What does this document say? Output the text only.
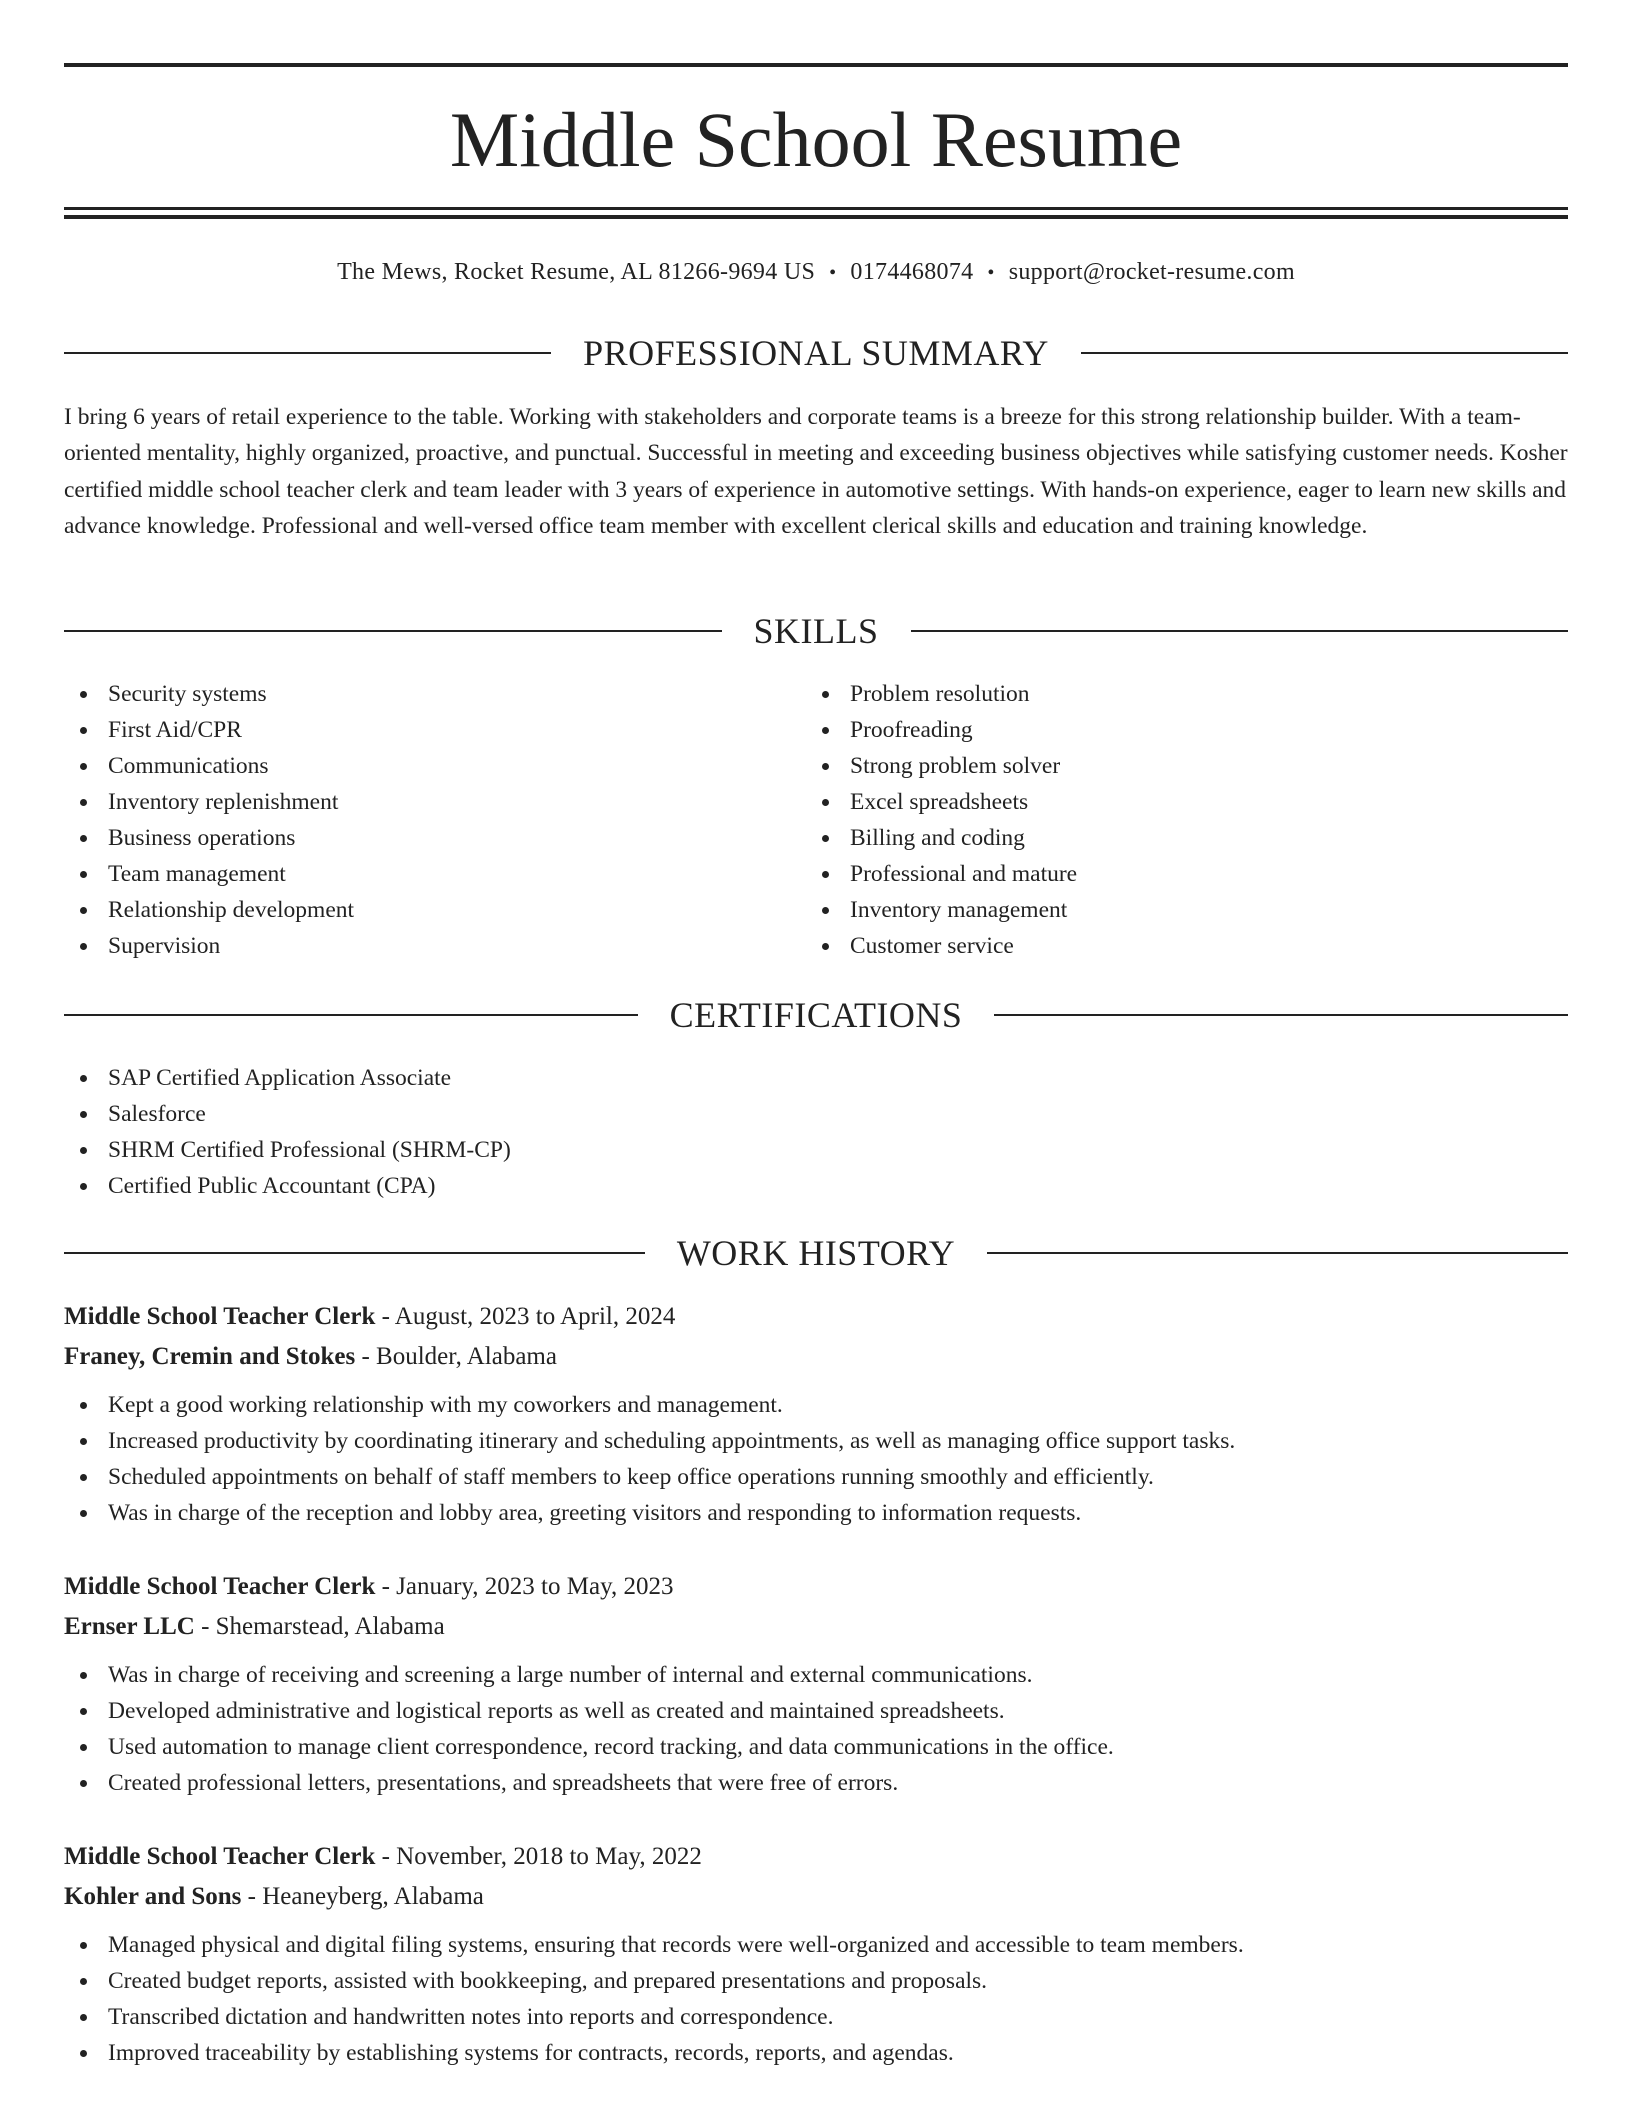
Middle School Resume
The Mews, Rocket Resume, AL 81266-9694 US • 0174468074 • support@rocket-resume.com
PROFESSIONAL SUMMARY

I bring 6 years of retail experience to the table. Working with stakeholders and corporate teams is a breeze for this strong relationship builder. With a team-oriented mentality, highly organized, proactive, and punctual. Successful in meeting and exceeding business objectives while satisfying customer needs. Kosher certified middle school teacher clerk and team leader with 3 years of experience in automotive settings. With hands-on experience, eager to learn new skills and advance knowledge. Professional and well-versed office team member with excellent clerical skills and education and training knowledge.

SKILLS
Security systems
First Aid/CPR
Communications
Inventory replenishment
Business operations
Team management
Relationship development
Supervision
Problem resolution
Proofreading
Strong problem solver
Excel spreadsheets
Billing and coding
Professional and mature
Inventory management
Customer service
CERTIFICATIONS
SAP Certified Application Associate
Salesforce
SHRM Certified Professional (SHRM-CP)
Certified Public Accountant (CPA)
WORK HISTORY
Middle School Teacher Clerk - August, 2023 to April, 2024
Franey, Cremin and Stokes - Boulder, Alabama
Kept a good working relationship with my coworkers and management.
Increased productivity by coordinating itinerary and scheduling appointments, as well as managing office support tasks.
Scheduled appointments on behalf of staff members to keep office operations running smoothly and efficiently.
Was in charge of the reception and lobby area, greeting visitors and responding to information requests.
Middle School Teacher Clerk - January, 2023 to May, 2023
Ernser LLC - Shemarstead, Alabama
Was in charge of receiving and screening a large number of internal and external communications.
Developed administrative and logistical reports as well as created and maintained spreadsheets.
Used automation to manage client correspondence, record tracking, and data communications in the office.
Created professional letters, presentations, and spreadsheets that were free of errors.
Middle School Teacher Clerk - November, 2018 to May, 2022
Kohler and Sons - Heaneyberg, Alabama
Managed physical and digital filing systems, ensuring that records were well-organized and accessible to team members.
Created budget reports, assisted with bookkeeping, and prepared presentations and proposals.
Transcribed dictation and handwritten notes into reports and correspondence.
Improved traceability by establishing systems for contracts, records, reports, and agendas.
